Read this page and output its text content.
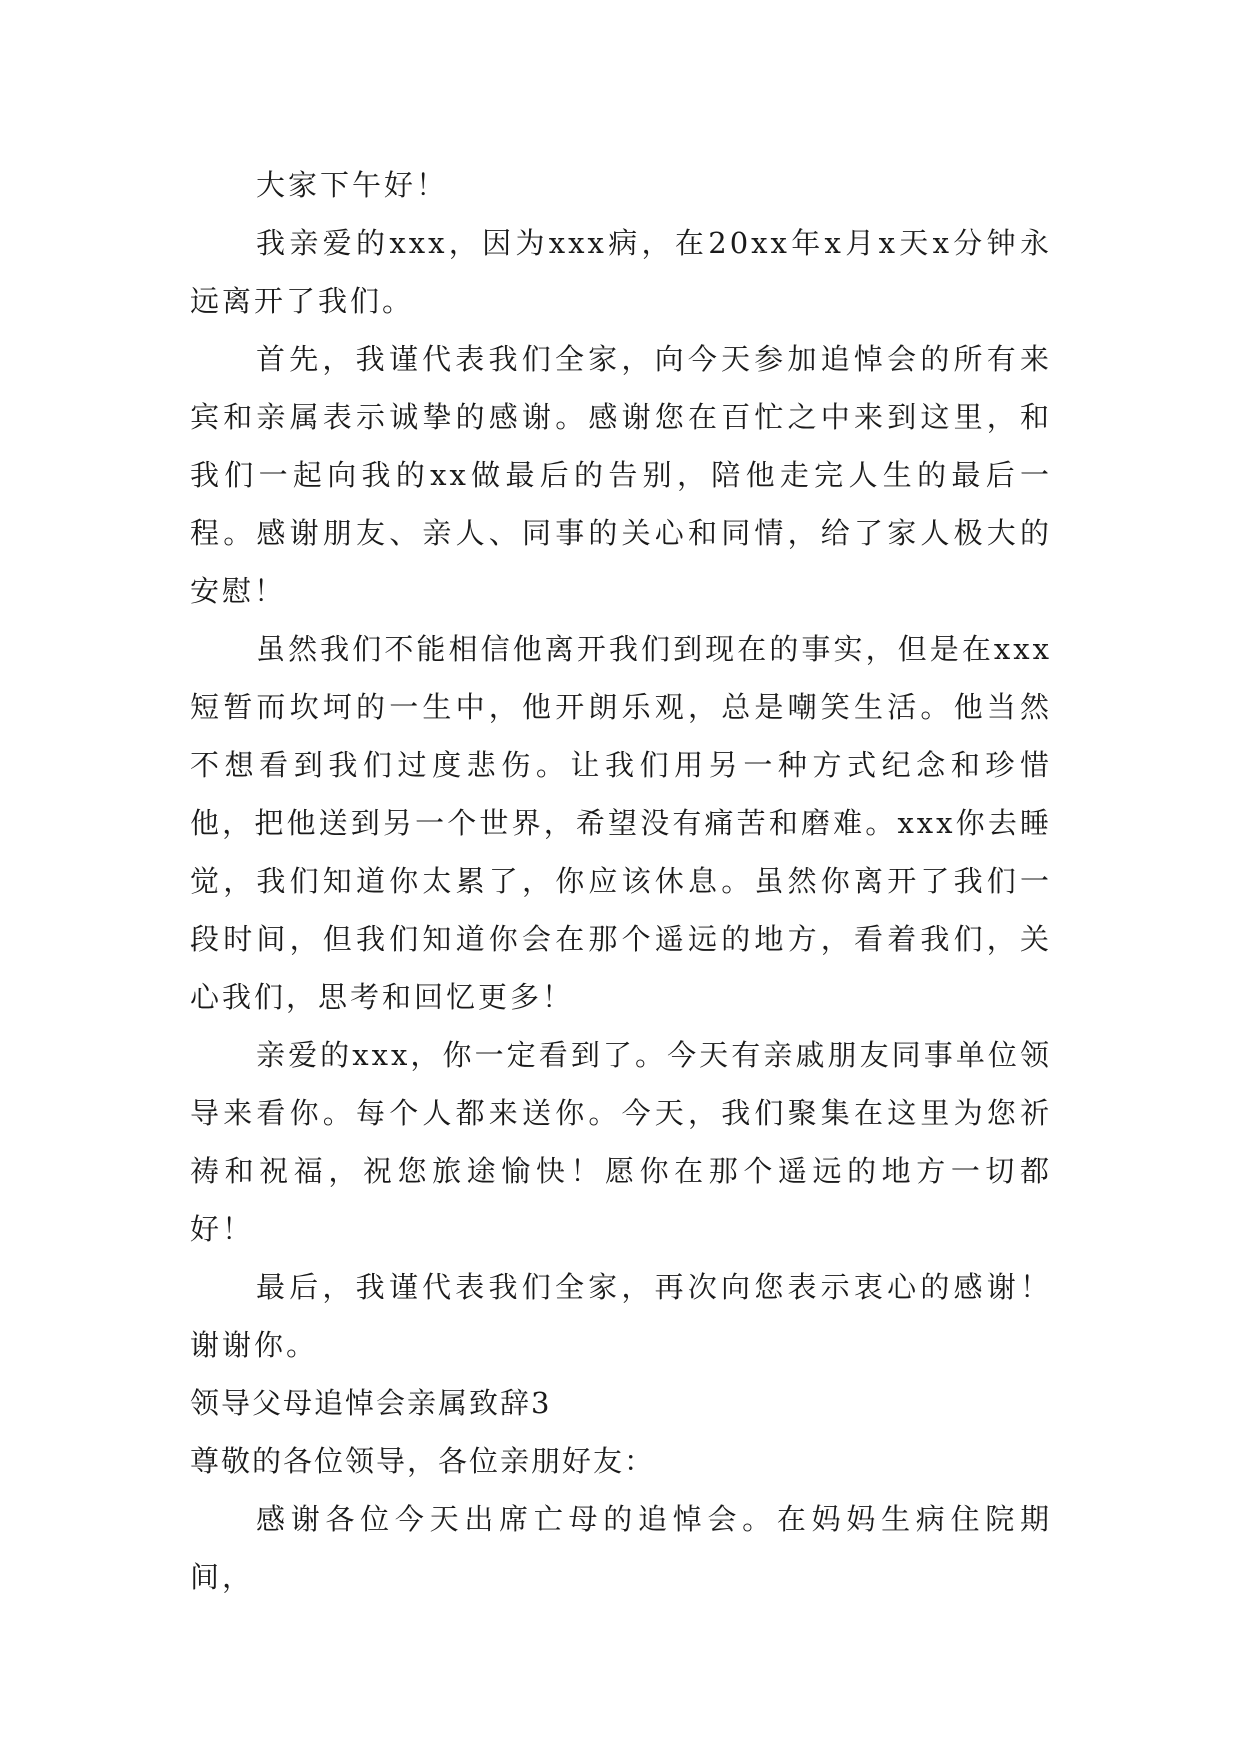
大家下午好！

我亲爱的xxx，因为xxx病，在20xx年x月x天x分钟永远离开了我们。

首先，我谨代表我们全家，向今天参加追悼会的所有来宾和亲属表示诚挚的感谢。感谢您在百忙之中来到这里，和我们一起向我的xx做最后的告别，陪他走完人生的最后一程。感谢朋友、亲人、同事的关心和同情，给了家人极大的安慰！

虽然我们不能相信他离开我们到现在的事实，但是在xxx短暂而坎坷的一生中，他开朗乐观，总是嘲笑生活。他当然不想看到我们过度悲伤。让我们用另一种方式纪念和珍惜他，把他送到另一个世界，希望没有痛苦和磨难。xxx你去睡觉，我们知道你太累了，你应该休息。虽然你离开了我们一段时间，但我们知道你会在那个遥远的地方，看着我们，关心我们，思考和回忆更多！

亲爱的xxx，你一定看到了。今天有亲戚朋友同事单位领导来看你。每个人都来送你。今天，我们聚集在这里为您祈祷和祝福，祝您旅途愉快！愿你在那个遥远的地方一切都好！

最后，我谨代表我们全家，再次向您表示衷心的感谢！谢谢你。

领导父母追悼会亲属致辞3

尊敬的各位领导，各位亲朋好友：

感谢各位今天出席亡母的追悼会。在妈妈生病住院期间，
